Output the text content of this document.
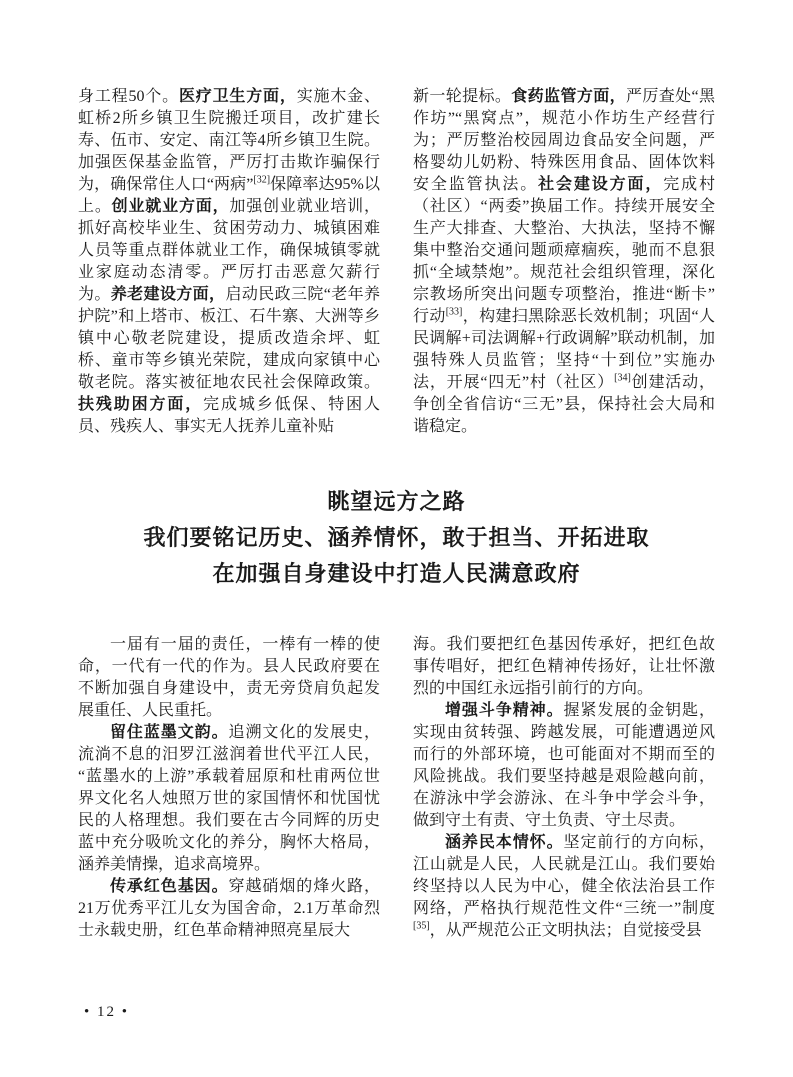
身工程50个。医疗卫生方面，实施木金、虹桥2所乡镇卫生院搬迁项目，改扩建长寿、伍市、安定、南江等4所乡镇卫生院。加强医保基金监管，严厉打击欺诈骗保行为，确保常住人口“两病”[32]保障率达95%以上。创业就业方面，加强创业就业培训，抓好高校毕业生、贫困劳动力、城镇困难人员等重点群体就业工作，确保城镇零就业家庭动态清零。严厉打击恶意欠薪行为。养老建设方面，启动民政三院“老年养护院”和上塔市、板江、石牛寨、大洲等乡镇中心敬老院建设，提质改造余坪、虹桥、童市等乡镇光荣院，建成向家镇中心敬老院。落实被征地农民社会保障政策。扶残助困方面，完成城乡低保、特困人员、残疾人、事实无人抚养儿童补贴

新一轮提标。食药监管方面，严厉查处“黑作坊”“黑窝点”，规范小作坊生产经营行为；严厉整治校园周边食品安全问题，严格婴幼儿奶粉、特殊医用食品、固体饮料安全监管执法。社会建设方面，完成村（社区）“两委”换届工作。持续开展安全生产大排查、大整治、大执法，坚持不懈集中整治交通问题顽瘴痼疾，驰而不息狠抓“全域禁炮”。规范社会组织管理，深化宗教场所突出问题专项整治，推进“断卡”行动[33]，构建扫黑除恶长效机制；巩固“人民调解+司法调解+行政调解”联动机制，加强特殊人员监管；坚持“十到位”实施办法，开展“四无”村（社区）[34]创建活动，争创全省信访“三无”县，保持社会大局和谐稳定。

眺望远方之路
我们要铭记历史、涵养情怀，敢于担当、开拓进取
在加强自身建设中打造人民满意政府

一届有一届的责任，一棒有一棒的使命，一代有一代的作为。县人民政府要在不断加强自身建设中，责无旁贷肩负起发展重任、人民重托。

留住蓝墨文韵。追溯文化的发展史，流淌不息的汨罗江滋润着世代平江人民，“蓝墨水的上游”承载着屈原和杜甫两位世界文化名人烛照万世的家国情怀和忧国忧民的人格理想。我们要在古今同辉的历史蓝中充分吸吮文化的养分，胸怀大格局，涵养美情操，追求高境界。

传承红色基因。穿越硝烟的烽火路，21万优秀平江儿女为国舍命，2.1万革命烈士永载史册，红色革命精神照亮星辰大

海。我们要把红色基因传承好，把红色故事传唱好，把红色精神传扬好，让壮怀激烈的中国红永远指引前行的方向。

增强斗争精神。握紧发展的金钥匙，实现由贫转强、跨越发展，可能遭遇逆风而行的外部环境，也可能面对不期而至的风险挑战。我们要坚持越是艰险越向前，在游泳中学会游泳、在斗争中学会斗争，做到守土有责、守土负责、守土尽责。

涵养民本情怀。坚定前行的方向标，江山就是人民，人民就是江山。我们要始终坚持以人民为中心，健全依法治县工作网络，严格执行规范性文件“三统一”制度[35]，从严规范公正文明执法；自觉接受县

• 12 •
